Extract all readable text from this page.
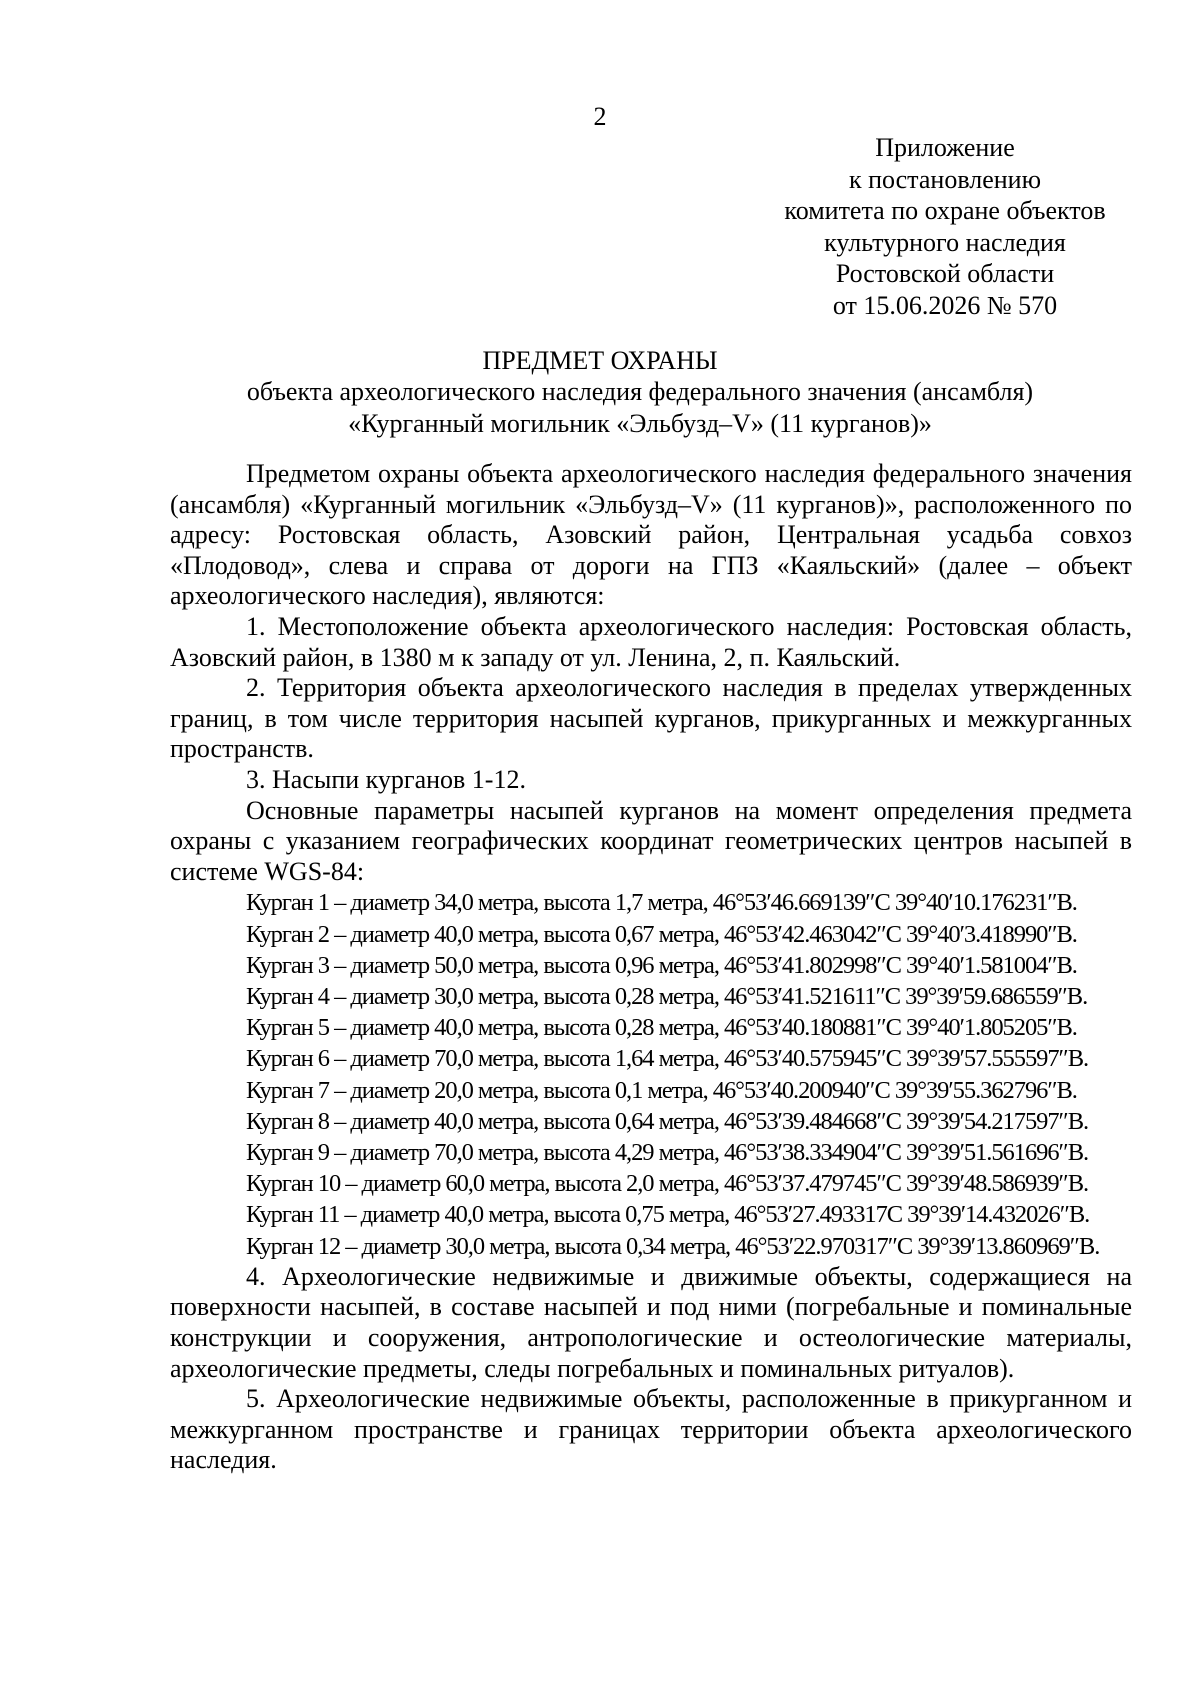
2
Приложение
к постановлению
комитета по охране объектов
культурного наследия
Ростовской области
от 15.06.2026 № 570
ПРЕДМЕТ ОХРАНЫ
объекта археологического наследия федерального значения (ансамбля)
«Курганный могильник «Эльбузд–V» (11 курганов)»

Предметом охраны объекта археологического наследия федерального значения (ансамбля) «Курганный могильник «Эльбузд–V» (11 курганов)», расположенного по адресу: Ростовская область, Азовский район, Центральная усадьба совхоз «Плодовод», слева и справа от дороги на ГПЗ «Каяльский» (далее – объект археологического наследия), являются:

1. Местоположение объекта археологического наследия: Ростовская область, Азовский район, в 1380 м к западу от ул. Ленина, 2, п. Каяльский.

2. Территория объекта археологического наследия в пределах утвержденных границ, в том числе территория насыпей курганов, прикурганных и межкурганных пространств.

3. Насыпи курганов 1-12.

Основные параметры насыпей курганов на момент определения предмета охраны с указанием географических координат геометрических центров насыпей в системе WGS-84:

Курган 1 – диаметр 34,0 метра, высота 1,7 метра, 46°53′46.669139″С 39°40′10.176231″В.
Курган 2 – диаметр 40,0 метра, высота 0,67 метра, 46°53′42.463042″С 39°40′3.418990″В.
Курган 3 – диаметр 50,0 метра, высота 0,96 метра, 46°53′41.802998″С 39°40′1.581004″В.
Курган 4 – диаметр 30,0 метра, высота 0,28 метра, 46°53′41.521611″С 39°39′59.686559″В.
Курган 5 – диаметр 40,0 метра, высота 0,28 метра, 46°53′40.180881″С 39°40′1.805205″В.
Курган 6 – диаметр 70,0 метра, высота 1,64 метра, 46°53′40.575945″С 39°39′57.555597″В.
Курган 7 – диаметр 20,0 метра, высота 0,1 метра, 46°53′40.200940″С 39°39′55.362796″В.
Курган 8 – диаметр 40,0 метра, высота 0,64 метра, 46°53′39.484668″С 39°39′54.217597″В.
Курган 9 – диаметр 70,0 метра, высота 4,29 метра, 46°53′38.334904″С 39°39′51.561696″В.
Курган 10 – диаметр 60,0 метра, высота 2,0 метра, 46°53′37.479745″С 39°39′48.586939″В.
Курган 11 – диаметр 40,0 метра, высота 0,75 метра, 46°53′27.493317С 39°39′14.432026″В.
Курган 12 – диаметр 30,0 метра, высота 0,34 метра, 46°53′22.970317″С 39°39′13.860969″В.

4. Археологические недвижимые и движимые объекты, содержащиеся на поверхности насыпей, в составе насыпей и под ними (погребальные и поминальные конструкции и сооружения, антропологические и остеологические материалы, археологические предметы, следы погребальных и поминальных ритуалов).

5. Археологические недвижимые объекты, расположенные в прикурганном и межкурганном пространстве и границах территории объекта археологического наследия.
